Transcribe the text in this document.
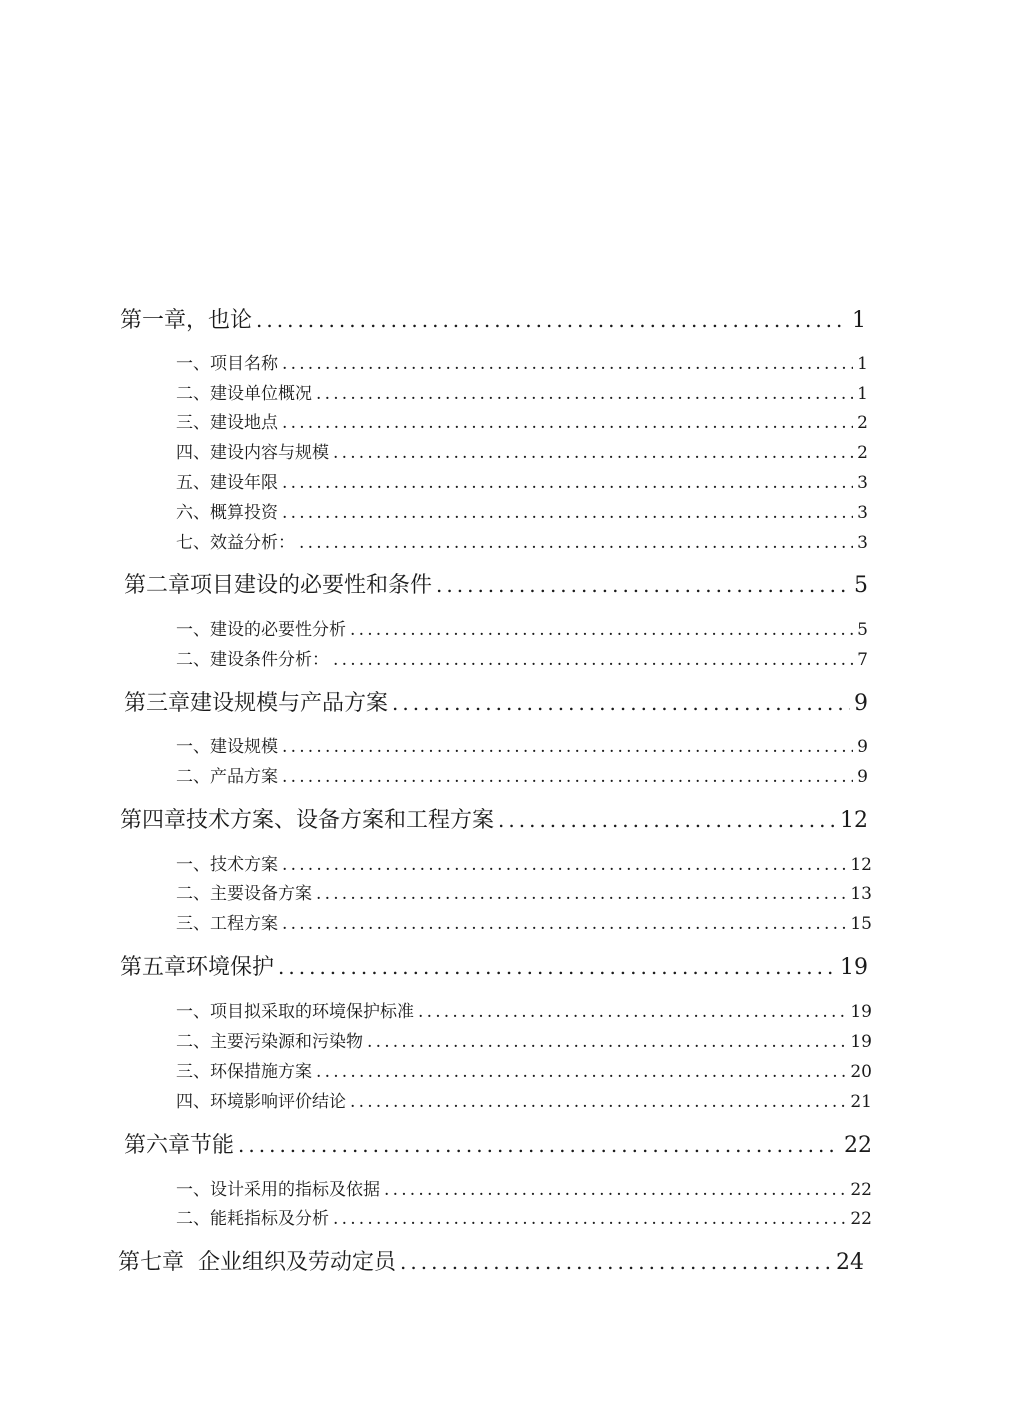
第一章，也论 .....	1
一、项目名称 .....	1
二、建设单位概况 .....	1
三、建设地点 .....	2
四、建设内容与规模 .....	2
五、建设年限 .....	3
六、概算投资 .....	3
七、效益分析： .....	3
第二章项目建设的必要性和条件 .....	5
一、建设的必要性分析 .....	5
二、建设条件分析： .....	7
第三章建设规模与产品方案 .....	9
一、建设规模 .....	9
二、产品方案 .....	9
第四章技术方案、设备方案和工程方案 .....	12
一、技术方案 .....	12
二、主要设备方案 .....	13
三、工程方案 .....	15
第五章环境保护 .....	19
一、项目拟采取的环境保护标准 .....	19
二、主要污染源和污染物 .....	19
三、环保措施方案 .....	20
四、环境影响评价结论 .....	21
第六章节能 .....	22
一、设计采用的指标及依据 .....	22
二、能耗指标及分析 .....	22
第七章  企业组织及劳动定员 .....	24
